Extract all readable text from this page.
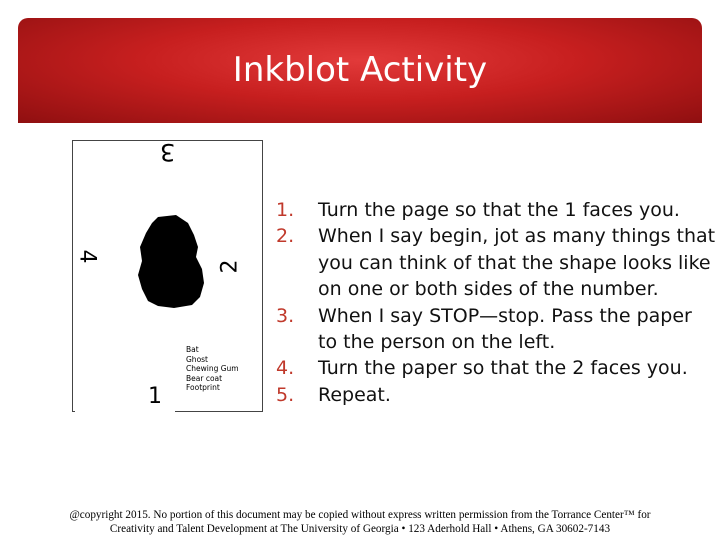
Inkblot Activity
3
4
2
1
Bat
Ghost
Chewing Gum
Bear coat
Footprint
1. Turn the page so that the 1 faces you.
2. When I say begin, jot as many things that you can think of that the shape looks like on one or both sides of the number.
3. When I say STOP—stop. Pass the paper to the person on the left.
4. Turn the paper so that the 2 faces you.
5. Repeat.
@copyright 2015. No portion of this document may be copied without express written permission from the Torrance Center™ for
Creativity and Talent Development at The University of Georgia • 123 Aderhold Hall • Athens, GA 30602-7143
